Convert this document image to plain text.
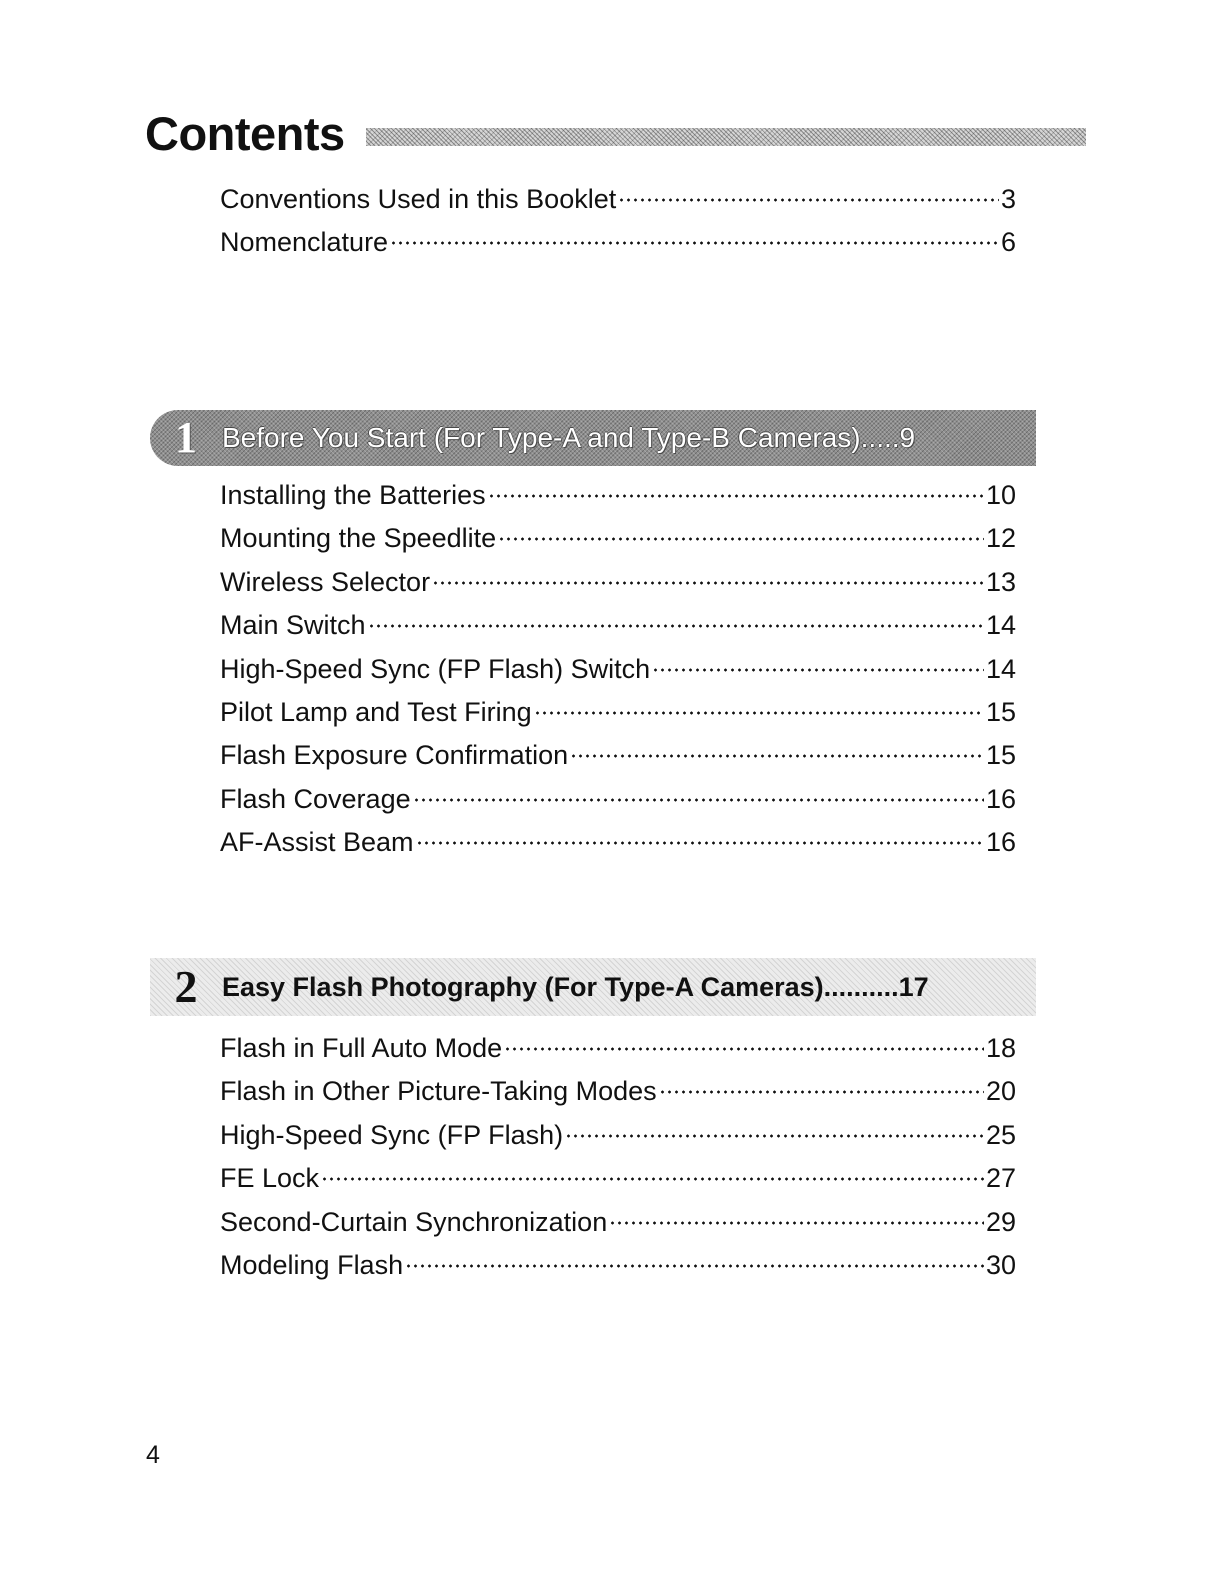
Contents
Conventions Used in this Booklet	3
Nomenclature	6
1 Before You Start (For Type-A and Type-B Cameras) ..... 9
Installing the Batteries	10
Mounting the Speedlite	12
Wireless Selector	13
Main Switch	14
High-Speed Sync (FP Flash) Switch	14
Pilot Lamp and Test Firing	15
Flash Exposure Confirmation	15
Flash Coverage	16
AF-Assist Beam	16
2 Easy Flash Photography (For Type-A Cameras) .......... 17
Flash in Full Auto Mode	18
Flash in Other Picture-Taking Modes	20
High-Speed Sync (FP Flash)	25
FE Lock	27
Second-Curtain Synchronization	29
Modeling Flash	30
4
